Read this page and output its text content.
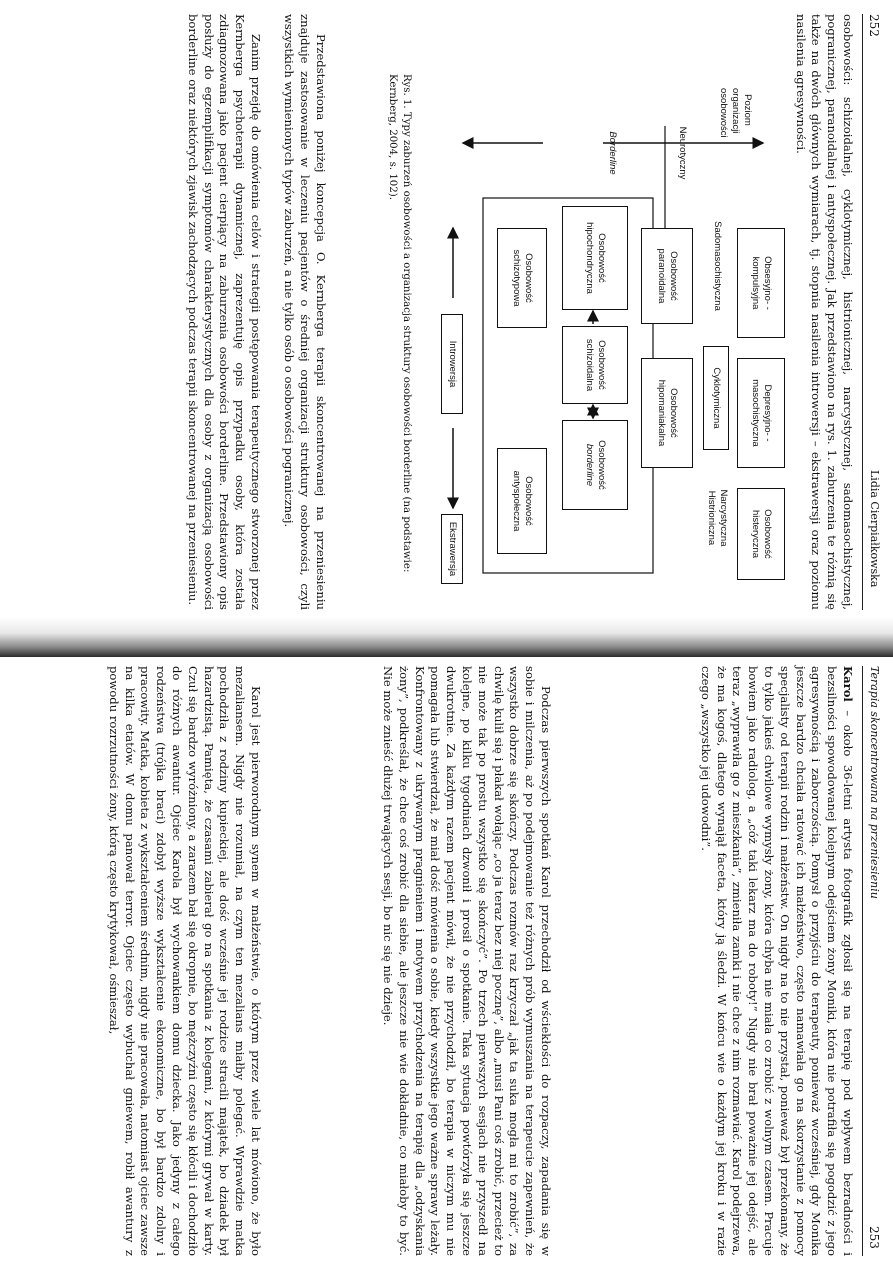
252
Lidia Cierpiałkowska

osobowości: schizoidalnej, cyklotymicznej, histrionicznej, narcystycznej, sadomasochistycznej, pogranicznej, paranoidalnej i antyspołecznej. Jak przedstawiono na rys. 1. zaburzenia te różnią się także na dwóch głównych wymiarach, tj. stopnia nasilenia introwersji – ekstrawersji oraz poziomu nasilenia agresywności.

Poziom organizacji osobowości
Neurotyczny
Borderline
Obsesyjno- -kompulsyjna
Depresyjno- -masochistyczna
Osobowość histeryczna
Sadomasochistyczna
Cyklotymiczna
Narcystyczna Histrioniczna
Osobowość paranoidalna
Osobowość hipomaniakalna
Osobowość hipochondryczna
Osobowość schizoidalna
Osobowość
borderline
Osobowość schizotypowa
Osobowość antyspołeczna
Introwersja
Ekstrawersja

Rys. 1. Typy zaburzeń osobowości a organizacja struktury osobowości borderline (na podstawie: Kernberg, 2004, s. 102).

Przedstawiona poniżej koncepcja O. Kernberga terapii skoncentrowanej na przeniesieniu znajduje zastosowanie w leczeniu pacjentów o średniej organizacji struktury osobowości, czyli wszystkich wymienionych typów zaburzeń, a nie tylko osób o osobowości pogranicznej.

Zanim przejdę do omówienia celów i strategii postępowania terapeutycznego stworzonej przez Kernberga psychoterapii dynamicznej, zaprezentuję opis przypadku osoby, która została zdiagnozowana jako pacjent cierpiący na zaburzenia osobowości borderline. Przedstawiony opis posłuży do egzemplifikacji symptomów charakterystycznych dla osoby z organizacją osobowości borderline oraz niektórych zjawisk zachodzących podczas terapii skoncentrowanej na przeniesieniu.

Terapia skoncentrowana na przeniesieniu
253

Karol – około 36-letni artysta fotografik zgłosił się na terapię pod wpływem bezradności i bezsilności spowodowanej kolejnym odejściem żony Moniki, która nie potrafiła się pogodzić z jego agresywnością i zaborczością. Pomysł o przyjściu do terapeuty, ponieważ wcześniej, gdy Monika jeszcze bardzo chciała ratować ich małżeństwo, często namawiała go na skorzystanie z pomocy specjalisty od terapii rodzin i małżeństw. On nigdy na to nie przystał, ponieważ był przekonany, że to tylko jakieś chwilowe wymysły żony, która chyba nie miała co zrobić z wolnym czasem. Pracuje bowiem jako radiolog, a „cóż taki lekarz ma do roboty!” Nigdy nie brał poważnie jej odejść, ale teraz „wyprawiła go z mieszkania”, zmieniła zamki i nie chce z nim rozmawiać. Karol podejrzewa, że ma kogoś, dlatego wynajął faceta, który ją śledzi. W końcu wie o każdym jej kroku i w razie czego „wszystko jej udowodni”.

Podczas pierwszych spotkań Karol przechodził od wściekłości do rozpaczy, zapadania się w sobie i milczenia, aż po podejmowanie też różnych prób wymuszania na terapeucie zapewnień, że wszystko dobrze się skończy. Podczas rozmów raz krzyczał „jak ta suka mogła mi to zrobić”, za chwilę kulił się i płakał wołając „co ja teraz bez niej pocznę”, albo „musi Pani coś zrobić, przecież to nie może tak po prostu wszystko się skończyć”. Po trzech pierwszych sesjach nie przyszedł na kolejne, po kilku tygodniach dzwonił i prosił o spotkanie. Taka sytuacja powtórzyła się jeszcze dwukrotnie. Za każdym razem pacjent mówił, że nie przychodził, bo terapia w niczym mu nie pomagała lub stwierdzał, że miał dość mówienia o sobie, kiedy wszystkie jego ważne sprawy leżały. Konfrontowany z ukrywanym pragnieniem i motywem przychodzenia na terapię dla „odzyskania żony”, podkreślał, że chce coś zrobić dla siebie, ale jeszcze nie wie dokładnie, co miałoby to być. Nie może znieść dłużej trwających sesji, bo nic się nie dzieje.

Karol jest pierworodnym synem w małżeństwie, o którym przez wiele lat mówiono, że było mezaliansem. Nigdy nie rozumiał, na czym ten mezalians miałby polegać. Wprawdzie matka pochodziła z rodziny kupieckiej, ale dość wcześnie jej rodzice stracili majątek, bo dziadek był hazardzistą. Pamięta, że czasami zabierał go na spotkania z kolegami, z którymi grywał w karty. Czuł się bardzo wyróżniony, a zarazem bał się okropnie, bo mężczyźni często się kłócili i dochodziło do różnych awantur. Ojciec Karola był wychowankiem domu dziecka. Jako jedyny z całego rodzeństwa (trójka braci) zdobył wyższe wykształcenie ekonomiczne, bo był bardzo zdolny i pracowity. Matka, kobieta z wykształceniem średnim, nigdy nie pracowała, natomiast ojciec zawsze na kilka etatów. W domu panował terror. Ojciec często wybuchał gniewem, robił awantury z powodu rozrzutności żony, którą często krytykował, ośmieszał,
